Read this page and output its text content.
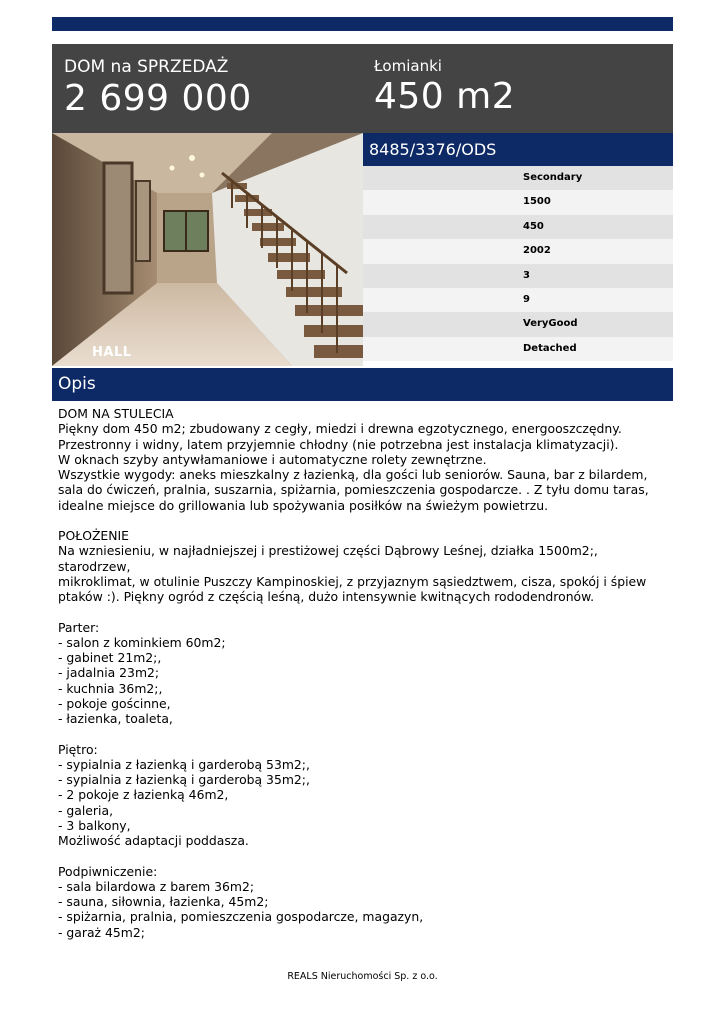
DOM na SPRZEDAŻ
2 699 000
Łomianki
450 m2
HALL
8485/3376/ODS
Secondary
1500
450
2002
3
9
VeryGood
Detached
Opis

DOM NA STULECIA
Piękny dom 450 m2; zbudowany z cegły, miedzi i drewna egzotycznego, energooszczędny.
Przestronny i widny, latem przyjemnie chłodny (nie potrzebna jest instalacja klimatyzacji).
W oknach szyby antywłamaniowe i automatyczne rolety zewnętrzne.
Wszystkie wygody: aneks mieszkalny z łazienką, dla gości lub seniorów. Sauna, bar z bilardem,
sala do ćwiczeń, pralnia, suszarnia, spiżarnia, pomieszczenia gospodarcze. . Z tyłu domu taras,
idealne miejsce do grillowania lub spożywania posiłków na świeżym powietrzu.

POŁOŻENIE
Na wzniesieniu, w najładniejszej i prestiżowej części Dąbrowy Leśnej, działka 1500m2;, starodrzew,
mikroklimat, w otulinie Puszczy Kampinoskiej, z przyjaznym sąsiedztwem, cisza, spokój i śpiew
ptaków :). Piękny ogród z częścią leśną, dużo intensywnie kwitnących rododendronów.

Parter:
- salon z kominkiem 60m2;
- gabinet 21m2;,
- jadalnia 23m2;
- kuchnia 36m2;,
- pokoje gościnne,
- łazienka, toaleta,

Piętro:
- sypialnia z łazienką i garderobą 53m2;,
- sypialnia z łazienką i garderobą 35m2;,
- 2 pokoje z łazienką 46m2,
- galeria,
- 3 balkony,
Możliwość adaptacji poddasza.

Podpiwniczenie:
- sala bilardowa z barem 36m2;
- sauna, siłownia, łazienka, 45m2;
- spiżarnia, pralnia, pomieszczenia gospodarcze, magazyn,
- garaż 45m2;

REALS Nieruchomości Sp. z o.o.
